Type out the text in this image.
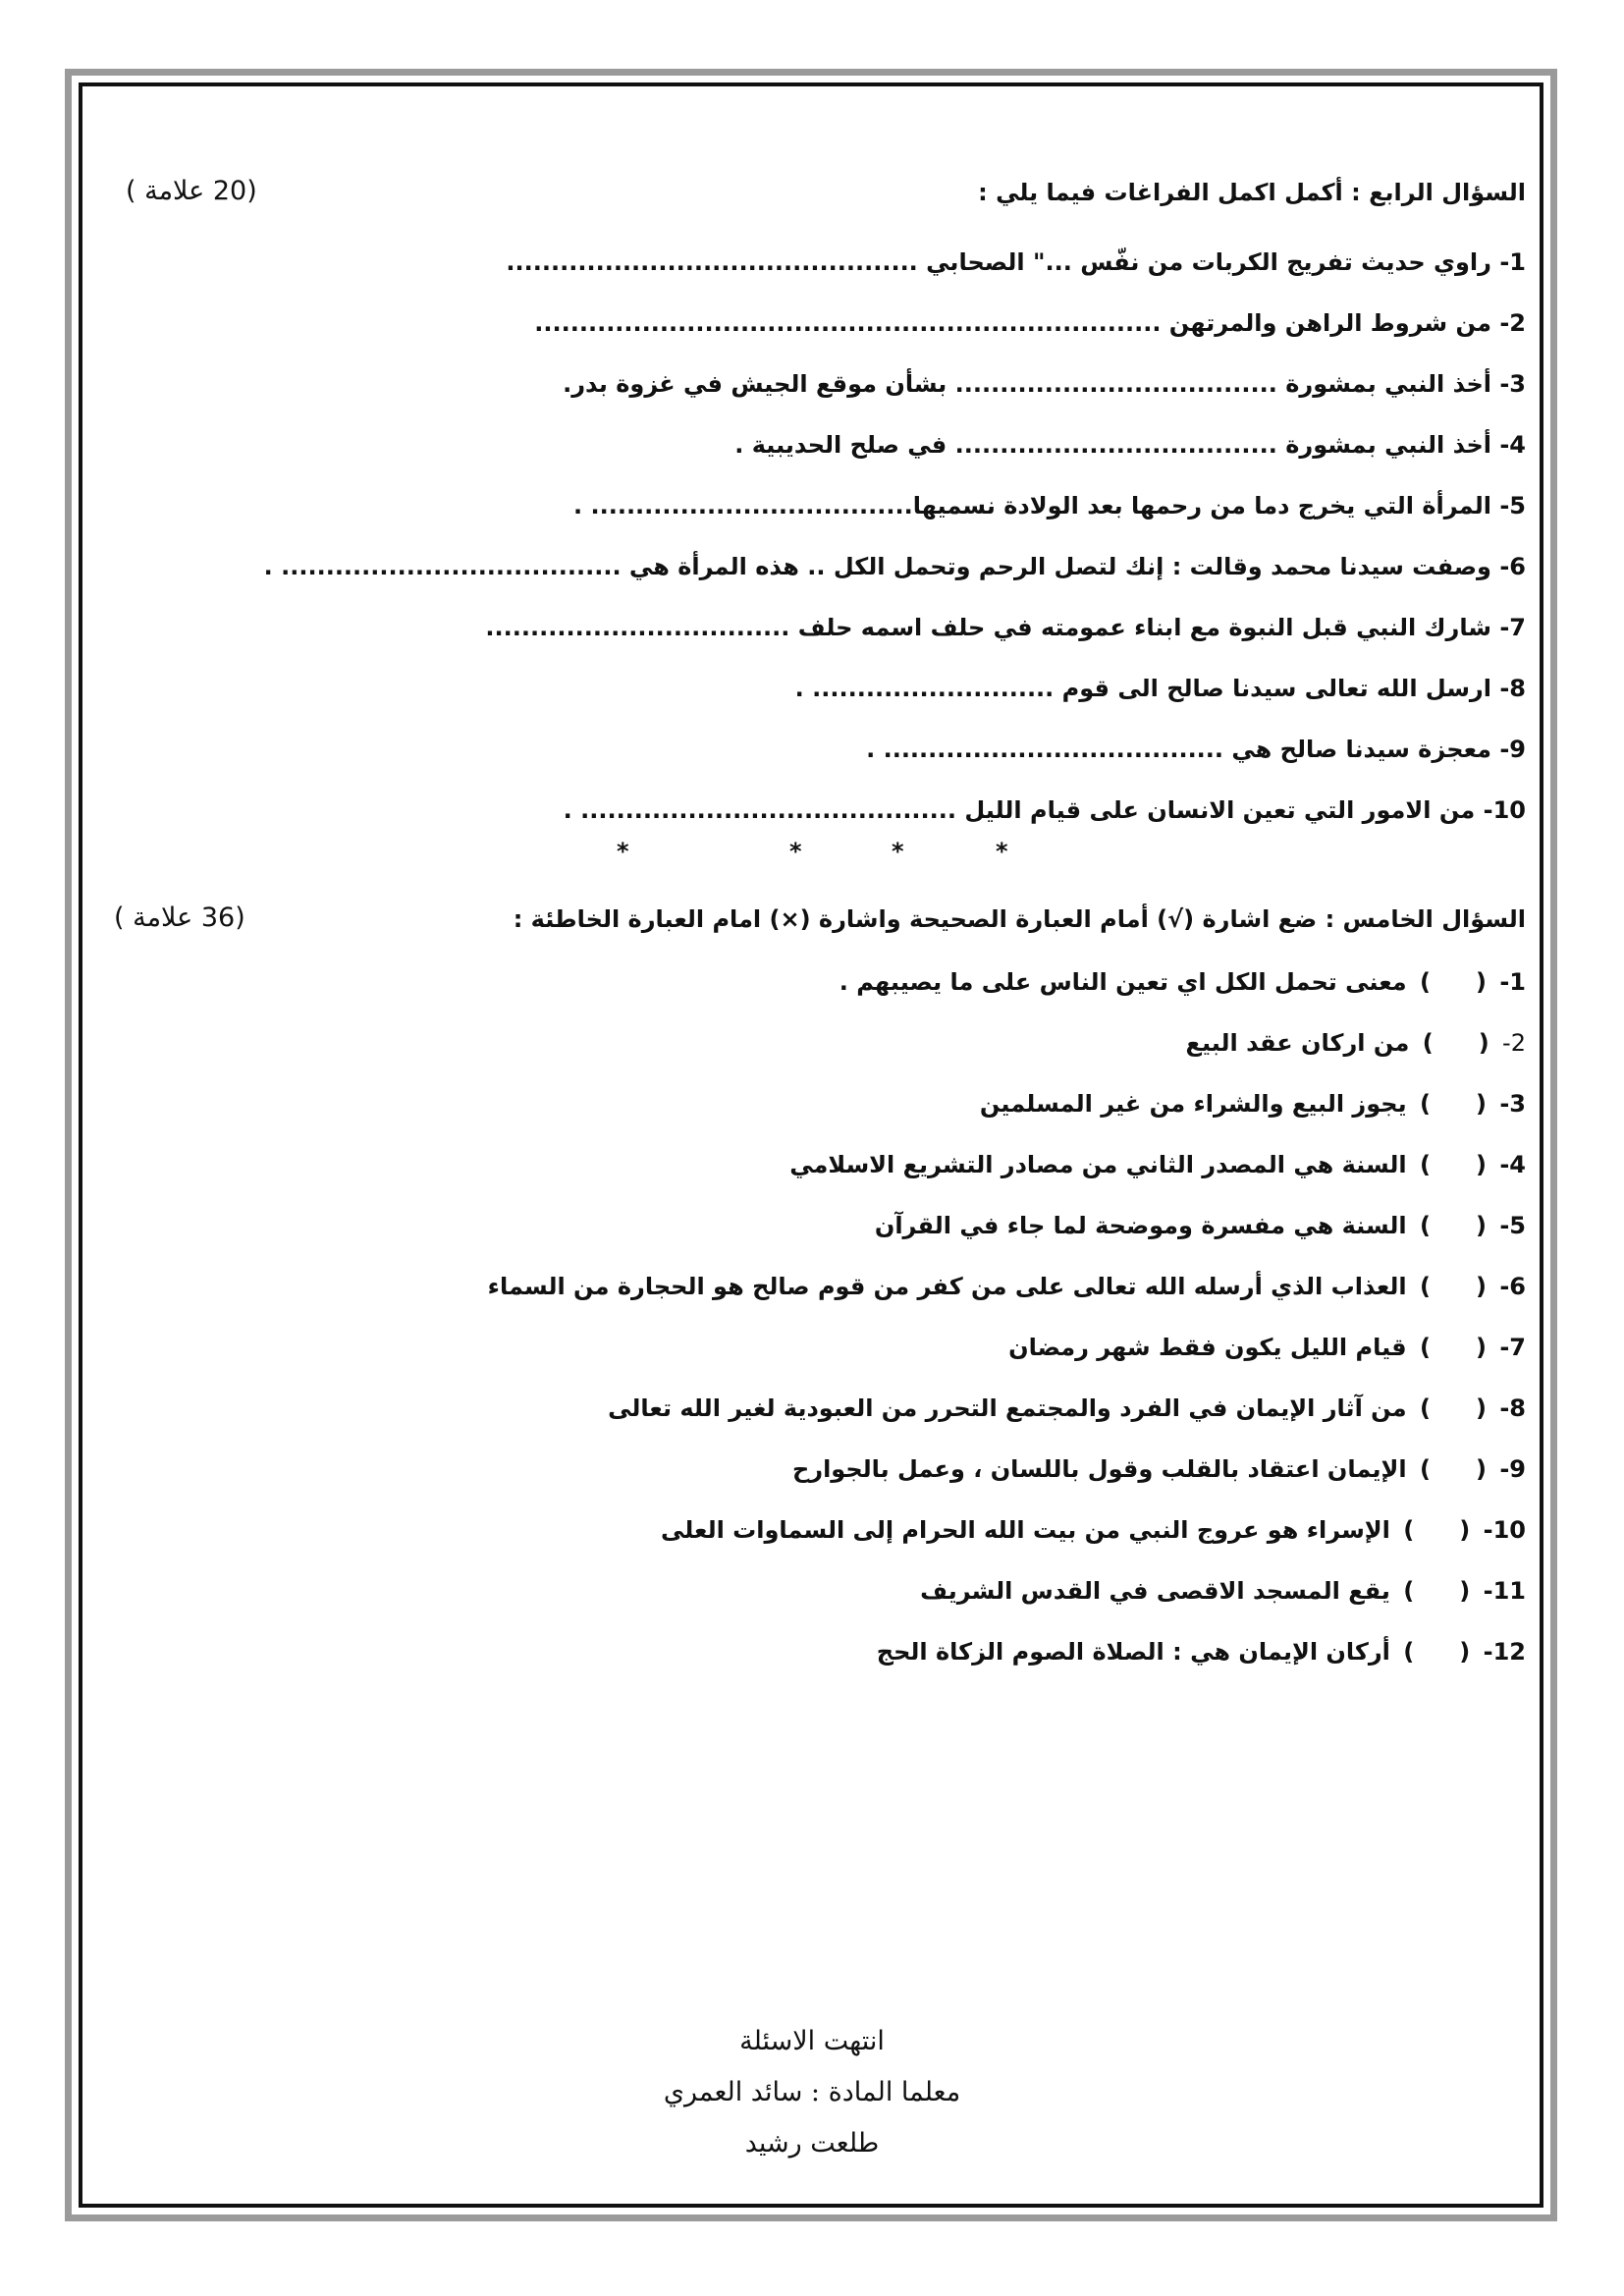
السؤال الرابع : أكمل اكمل الفراغات فيما يلي :
(20 علامة )
1- راوي حديث تفريج الكربات من نفّس ..." الصحابي ..............................................
2- من شروط الراهن والمرتهن ......................................................................
3- أخذ النبي بمشورة .................................... بشأن موقع الجيش في غزوة بدر.
4- أخذ النبي بمشورة .................................... في صلح الحديبية .
5- المرأة التي يخرج دما من رحمها بعد الولادة نسميها.................................... .
6- وصفت سيدنا محمد وقالت : إنك لتصل الرحم وتحمل الكل .. هذه المرأة هي ...................................... .
7- شارك النبي قبل النبوة مع ابناء عمومته في حلف اسمه حلف ..................................
8- ارسل الله تعالى سيدنا صالح الى قوم ........................... .
9- معجزة سيدنا صالح هي ...................................... .
10- من الامور التي تعين الانسان على قيام الليل .......................................... .
*
*
*
*
السؤال الخامس : ضع اشارة (√) أمام العبارة الصحيحة واشارة (×) امام العبارة الخاطئة :
(36 علامة )
1- () معنى تحمل الكل اي تعين الناس على ما يصيبهم .
2- () من اركان عقد البيع
3- () يجوز البيع والشراء من غير المسلمين
4- () السنة هي المصدر الثاني من مصادر التشريع الاسلامي
5- () السنة هي مفسرة وموضحة لما جاء في القرآن
6- () العذاب الذي أرسله الله تعالى على من كفر من قوم صالح هو الحجارة من السماء
7- () قيام الليل يكون فقط شهر رمضان
8- () من آثار الإيمان في الفرد والمجتمع التحرر من العبودية لغير الله تعالى
9- () الإيمان اعتقاد بالقلب وقول باللسان ، وعمل بالجوارح
10- () الإسراء هو عروج النبي من بيت الله الحرام إلى السماوات العلى
11- () يقع المسجد الاقصى في القدس الشريف
12- () أركان الإيمان هي : الصلاة الصوم الزكاة الحج
انتهت الاسئلة
معلما المادة : سائد العمري
طلعت رشيد
